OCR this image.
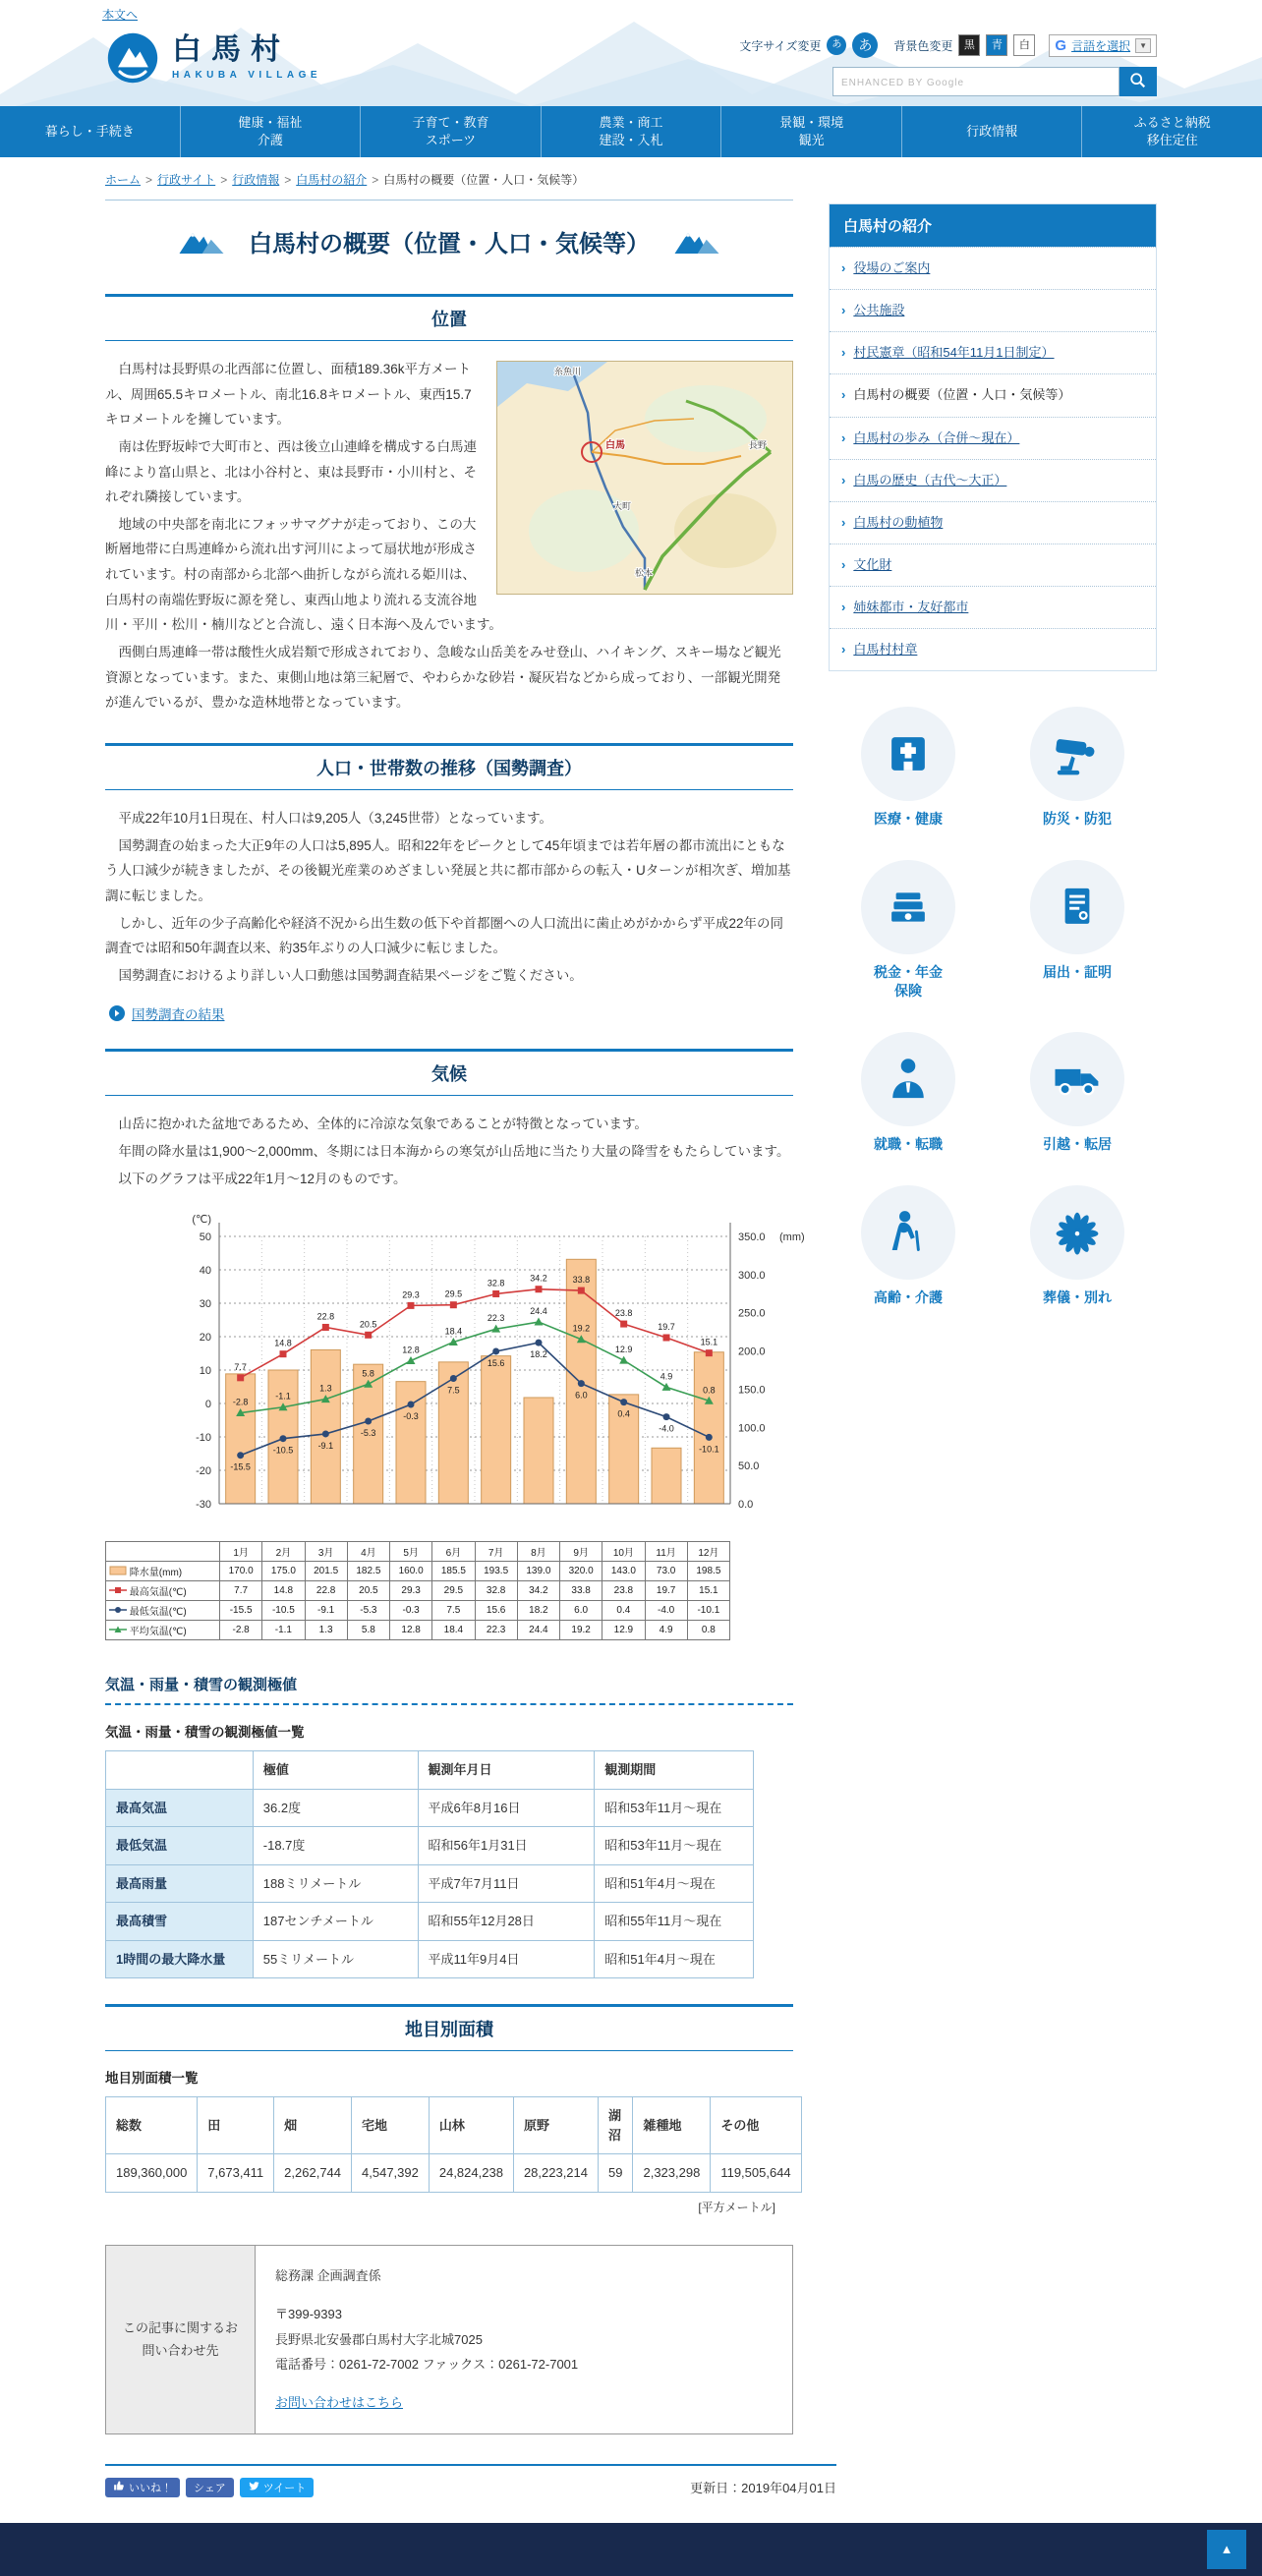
本文へ
白馬村
HAKUBA VILLAGE
文字サイズ変更	あ	あ	背景色変更	黒	青	白	G 言語を選択	▼
ENHANCED BY Google
暮らし・手続き
健康・福祉
介護
子育て・教育
スポーツ
農業・商工
建設・入札
景観・環境
観光
行政情報
ふるさと納税
移住定住
ホーム > 行政サイト > 行政情報 > 白馬村の紹介 > 白馬村の概要（位置・人口・気候等）
白馬村の概要（位置・人口・気候等）
位置
糸魚川
白馬
大町
長野
松本

　白馬村は長野県の北西部に位置し、面積189.36k平方メートル、周囲65.5キロメートル、南北16.8キロメートル、東西15.7キロメートルを擁しています。

　南は佐野坂峠で大町市と、西は後立山連峰を構成する白馬連峰により富山県と、北は小谷村と、東は長野市・小川村と、それぞれ隣接しています。

　地域の中央部を南北にフォッサマグナが走っており、この大断層地帯に白馬連峰から流れ出す河川によって扇状地が形成されています。村の南部から北部へ曲折しながら流れる姫川は、白馬村の南端佐野坂に源を発し、東西山地より流れる支流谷地川・平川・松川・楠川などと合流し、遠く日本海へ及んでいます。

　西側白馬連峰一帯は酸性火成岩類で形成されており、急峻な山岳美をみせ登山、ハイキング、スキー場など観光資源となっています。また、東側山地は第三紀層で、やわらかな砂岩・凝灰岩などから成っており、一部観光開発が進んでいるが、豊かな造林地帯となっています。

人口・世帯数の推移（国勢調査）

　平成22年10月1日現在、村人口は9,205人（3,245世帯）となっています。

　国勢調査の始まった大正9年の人口は5,895人。昭和22年をピークとして45年頃までは若年層の都市流出にともなう人口減少が続きましたが、その後観光産業のめざましい発展と共に都市部からの転入・Uターンが相次ぎ、増加基調に転じました。

　しかし、近年の少子高齢化や経済不況から出生数の低下や首都圏への人口流出に歯止めがかからず平成22年の同調査では昭和50年調査以来、約35年ぶりの人口減少に転じました。

　国勢調査におけるより詳しい人口動態は国勢調査結果ページをご覧ください。

国勢調査の結果

気候

　山岳に抱かれた盆地であるため、全体的に冷涼な気象であることが特徴となっています。

　年間の降水量は1,900～2,000mm、冬期には日本海からの寒気が山岳地に当たり大量の降雪をもたらしています。

　以下のグラフは平成22年1月～12月のものです。

-30
-20
-10
0
10
20
30
40
50
0.0
50.0
100.0
150.0
200.0
250.0
300.0
350.0
(℃)
(mm)
7.7
14.8
22.8
20.5
29.3	29.5
32.8	34.2	33.8
23.8
19.7
15.1
-15.5
-10.5	-9.1
-5.3
-0.3
7.5
15.6
18.2
6.0
0.4
-4.0
-10.1
-2.8
-1.1
1.3
5.8
12.8
18.4
22.3
24.4
19.2
12.9
4.9
0.8
	1月	2月	3月	4月	5月	6月	7月	8月	9月	10月	11月	12月
降水量(mm)	170.0	175.0	201.5	182.5	160.0	185.5	193.5	139.0	320.0	143.0	73.0	198.5
最高気温(℃)	7.7	14.8	22.8	20.5	29.3	29.5	32.8	34.2	33.8	23.8	19.7	15.1
最低気温(℃)	-15.5	-10.5	-9.1	-5.3	-0.3	7.5	15.6	18.2	6.0	0.4	-4.0	-10.1
平均気温(℃)	-2.8	-1.1	1.3	5.8	12.8	18.4	22.3	24.4	19.2	12.9	4.9	0.8
気温・雨量・積雪の観測極値

気温・雨量・積雪の観測極値一覧

	極値	観測年月日	観測期間
最高気温	36.2度	平成6年8月16日	昭和53年11月～現在
最低気温	-18.7度	昭和56年1月31日	昭和53年11月～現在
最高雨量	188ミリメートル	平成7年7月11日	昭和51年4月～現在
最高積雪	187センチメートル	昭和55年12月28日	昭和55年11月～現在
1時間の最大降水量	55ミリメートル	平成11年9月4日	昭和51年4月～現在
地目別面積

地目別面積一覧

総数	田	畑	宅地	山林	原野	湖沼	雑種地	その他
189,360,000	7,673,411	2,262,744	4,547,392	24,824,238	28,223,214	59	2,323,298	119,505,644

[平方メートル]

この記事に関するお問い合わせ先
総務課 企画調査係
〒399-9393
長野県北安曇郡白馬村大字北城7025
電話番号：0261-72-7002 ファックス：0261-72-7001
お問い合わせはこちら
白馬村の紹介
› 役場のご案内
› 公共施設
› 村民憲章（昭和54年11月1日制定）
› 白馬村の概要（位置・人口・気候等）
› 白馬村の歩み（合併～現在）
› 白馬の歴史（古代～大正）
› 白馬村の動植物
› 文化財
› 姉妹都市・友好都市
› 白馬村村章
医療・健康	防災・防犯
税金・年金
保険
届出・証明
就職・転職	引越・転居
高齢・介護	葬儀・別れ
いいね！ シェア	ツイート	更新日：2019年04月01日
▲
